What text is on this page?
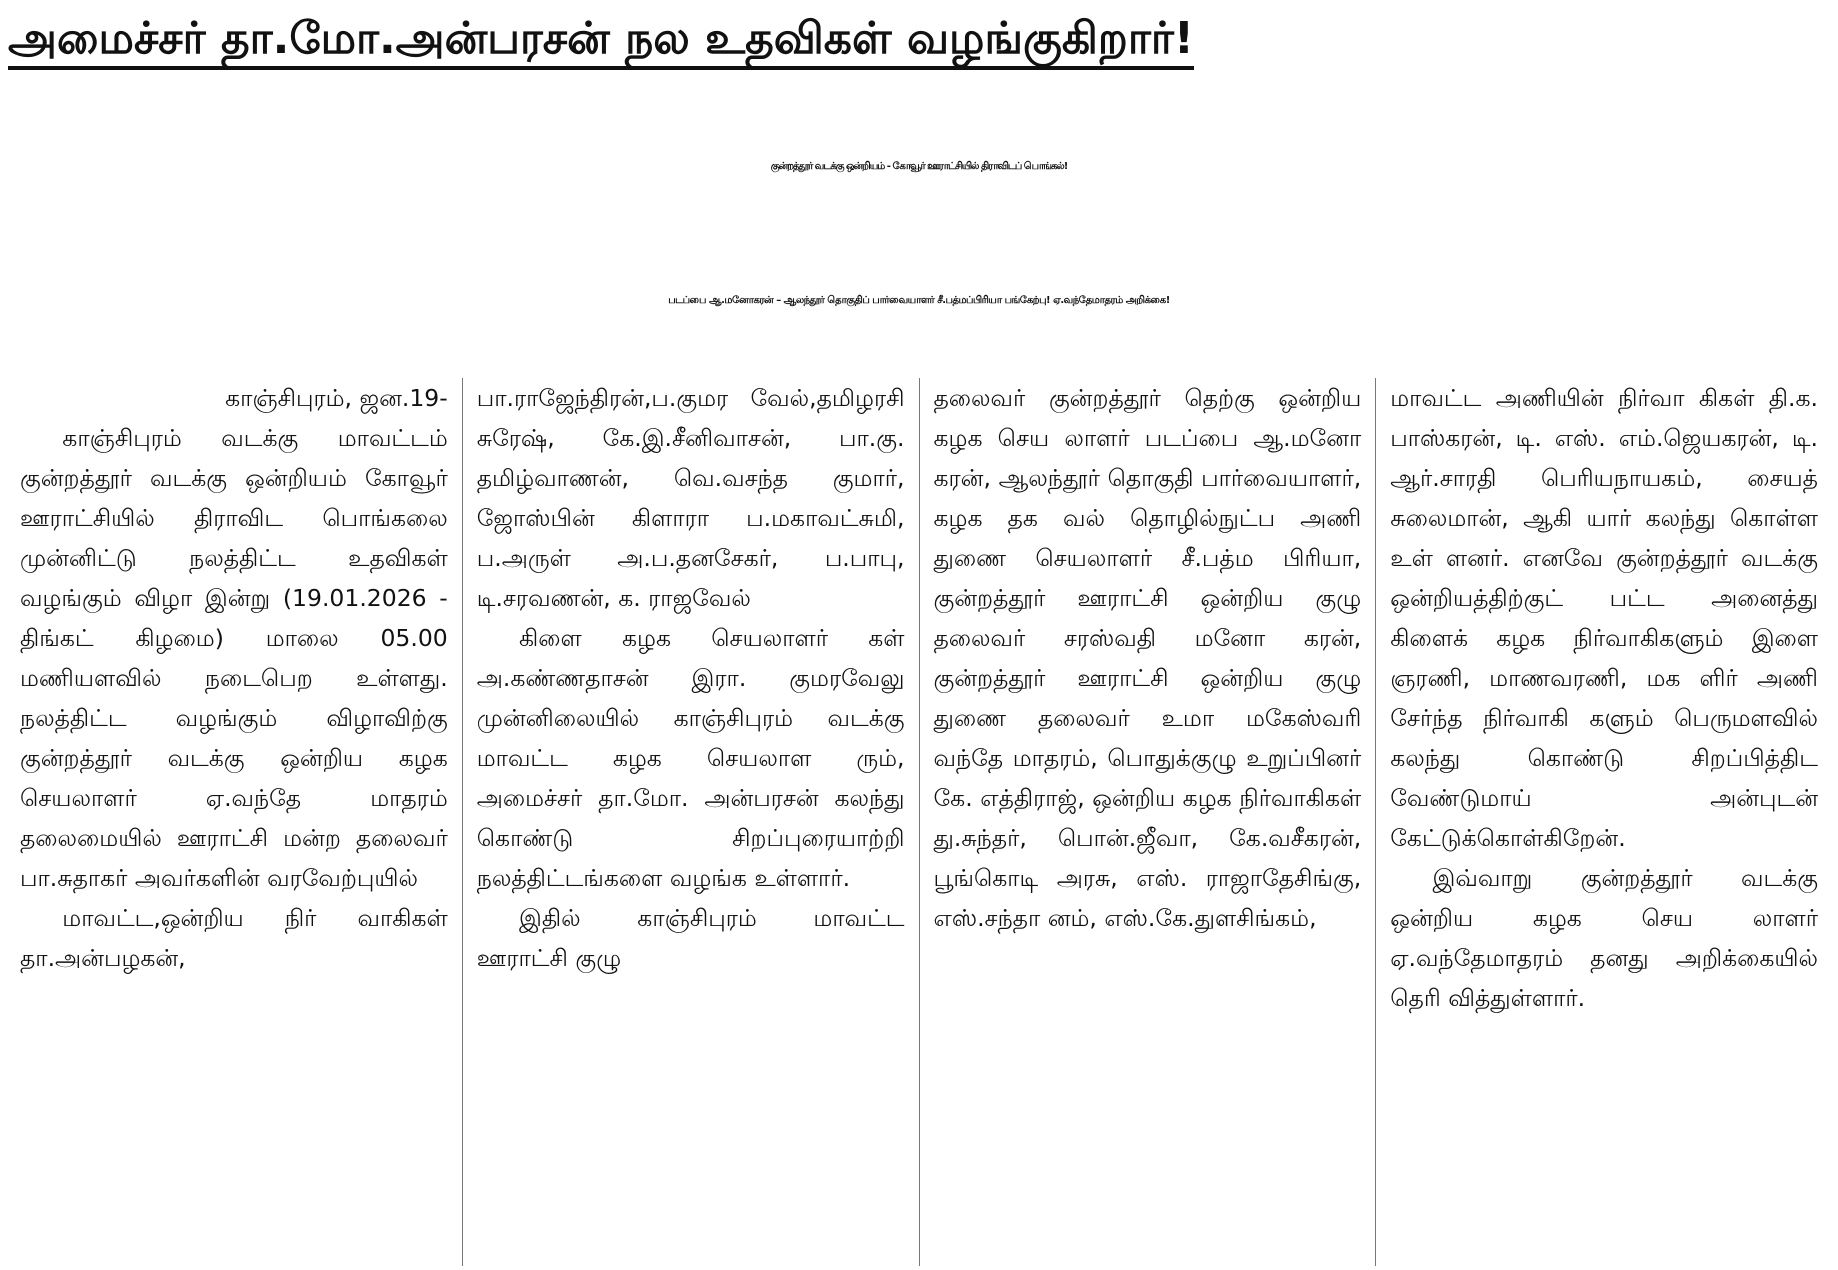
அமைச்சர் தா.மோ.அன்பரசன் நல உதவிகள் வழங்குகிறார்!
குன்றத்தூர் வடக்கு ஒன்றியம் - கோவூர் ஊராட்சியில் திராவிடப் பொங்கல்!
படப்பை ஆ.மனோகரன் – ஆலந்தூர் தொகுதிப் பார்வையாளர் சீ.பத்மப்பிரியா பங்கேற்பு! ஏ.வந்தேமாதரம் அறிக்கை!

காஞ்சிபுரம், ஜன.19-

காஞ்சிபுரம் வடக்கு மாவட்டம் குன்றத்தூர் வடக்கு ஒன்றியம் கோவூர் ஊராட்சியில் திராவிட பொங்கலை முன்னிட்டு நலத்திட்ட உதவிகள் வழங்கும் விழா இன்று (19.01.2026 - திங்கட் கிழமை) மாலை 05.00 மணியளவில் நடைபெற உள்ளது. நலத்திட்ட வழங்கும் விழாவிற்கு குன்றத்தூர் வடக்கு ஒன்றிய கழக செயலாளர் ஏ.வந்தே மாதரம் தலைமையில் ஊராட்சி மன்ற தலைவர் பா.சுதாகர் அவர்களின் வரவேற்புயில்

மாவட்ட,ஒன்றிய நிர் வாகிகள் தா.அன்பழகன்,

பா.ராஜேந்திரன்,ப.குமர வேல்,தமிழரசி சுரேஷ், கே.இ.சீனிவாசன், பா.கு. தமிழ்வாணன், வெ.வசந்த குமார், ஜோஸ்பின் கிளாரா ப.மகாவட்சுமி, ப.அருள் அ.ப.தனசேகர், ப.பாபு, டி.சரவணன், க. ராஜவேல்

கிளை கழக செயலாளர் கள் அ.கண்ணதாசன் இரா. குமரவேலு முன்னிலையில் காஞ்சிபுரம் வடக்கு மாவட்ட கழக செயலாள ரும், அமைச்சர் தா.மோ. அன்பரசன் கலந்து கொண்டு சிறப்புரையாற்றி நலத்திட்டங்களை வழங்க உள்ளார்.

இதில் காஞ்சிபுரம் மாவட்ட ஊராட்சி குழு

தலைவர் குன்றத்தூர் தெற்கு ஒன்றிய கழக செய லாளர் படப்பை ஆ.மனோ கரன், ஆலந்தூர் தொகுதி பார்வையாளர், கழக தக வல் தொழில்நுட்ப அணி துணை செயலாளர் சீ.பத்ம பிரியா, குன்றத்தூர் ஊராட்சி ஒன்றிய குழு தலைவர் சரஸ்வதி மனோ கரன், குன்றத்தூர் ஊராட்சி ஒன்றிய குழு துணை தலைவர் உமா மகேஸ்வரி வந்தே மாதரம், பொதுக்குழு உறுப்பினர் கே. எத்திராஜ், ஒன்றிய கழக நிர்வாகிகள் து.சுந்தர், பொன்.ஜீவா, கே.வசீகரன், பூங்கொடி அரசு, எஸ். ராஜாதேசிங்கு, எஸ்.சந்தா னம், எஸ்.கே.துளசிங்கம்,

மாவட்ட அணியின் நிர்வா கிகள் தி.க. பாஸ்கரன், டி. எஸ். எம்.ஜெயகரன், டி. ஆர்.சாரதி பெரியநாயகம், சையத் சுலைமான், ஆகி யார் கலந்து கொள்ள உள் ளனர். எனவே குன்றத்தூர் வடக்கு ஒன்றியத்திற்குட் பட்ட அனைத்து கிளைக் கழக நிர்வாகிகளும் இளை ஞரணி, மாணவரணி, மக ளிர் அணி சேர்ந்த நிர்வாகி களும் பெருமளவில் கலந்து கொண்டு சிறப்பித்திட வேண்டுமாய் அன்புடன் கேட்டுக்கொள்கிறேன்.

இவ்வாறு குன்றத்தூர் வடக்கு ஒன்றிய கழக செய லாளர் ஏ.வந்தேமாதரம் தனது அறிக்கையில் தெரி வித்துள்ளார்.
